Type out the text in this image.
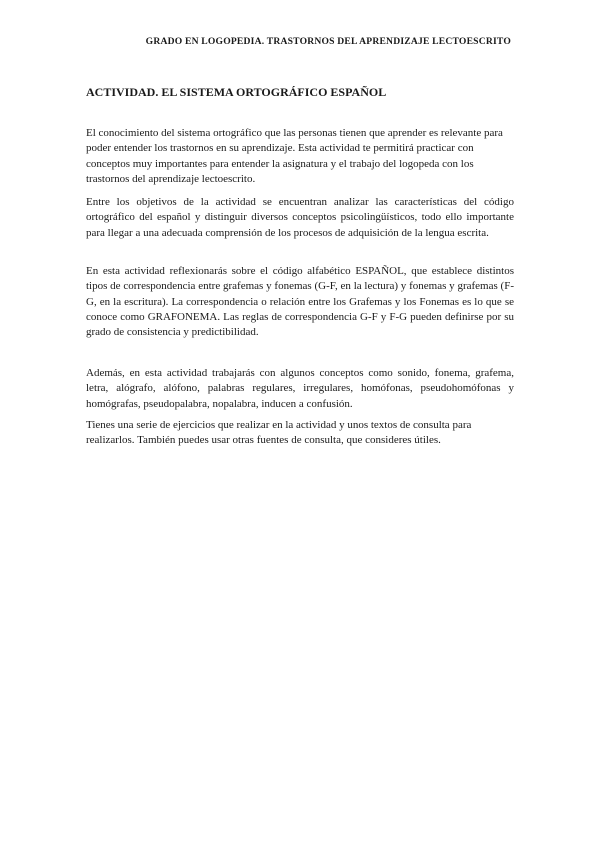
GRADO EN LOGOPEDIA. TRASTORNOS DEL APRENDIZAJE LECTOESCRITO
ACTIVIDAD. EL SISTEMA ORTOGRÁFICO ESPAÑOL

El conocimiento del sistema ortográfico que las personas tienen que aprender es relevante para poder entender los trastornos en su aprendizaje. Esta actividad te permitirá practicar con conceptos muy importantes para entender la asignatura y el trabajo del logopeda con los trastornos del aprendizaje lectoescrito.

Entre los objetivos de la actividad se encuentran analizar las características del código ortográfico del español y distinguir diversos conceptos psicolingüísticos, todo ello importante para llegar a una adecuada comprensión de los procesos de adquisición de la lengua escrita.

En esta actividad reflexionarás sobre el código alfabético ESPAÑOL, que establece distintos tipos de correspondencia entre grafemas y fonemas (G-F, en la lectura) y fonemas y grafemas (F-G, en la escritura). La correspondencia o relación entre los Grafemas y los Fonemas es lo que se conoce como GRAFONEMA. Las reglas de correspondencia G-F y F-G pueden definirse por su grado de consistencia y predictibilidad.

Además, en esta actividad trabajarás con algunos conceptos como sonido, fonema, grafema, letra, alógrafo, alófono, palabras regulares, irregulares, homófonas, pseudohomófonas y homógrafas, pseudopalabra, nopalabra, inducen a confusión.

Tienes una serie de ejercicios que realizar en la actividad y unos textos de consulta para realizarlos. También puedes usar otras fuentes de consulta, que consideres útiles.
